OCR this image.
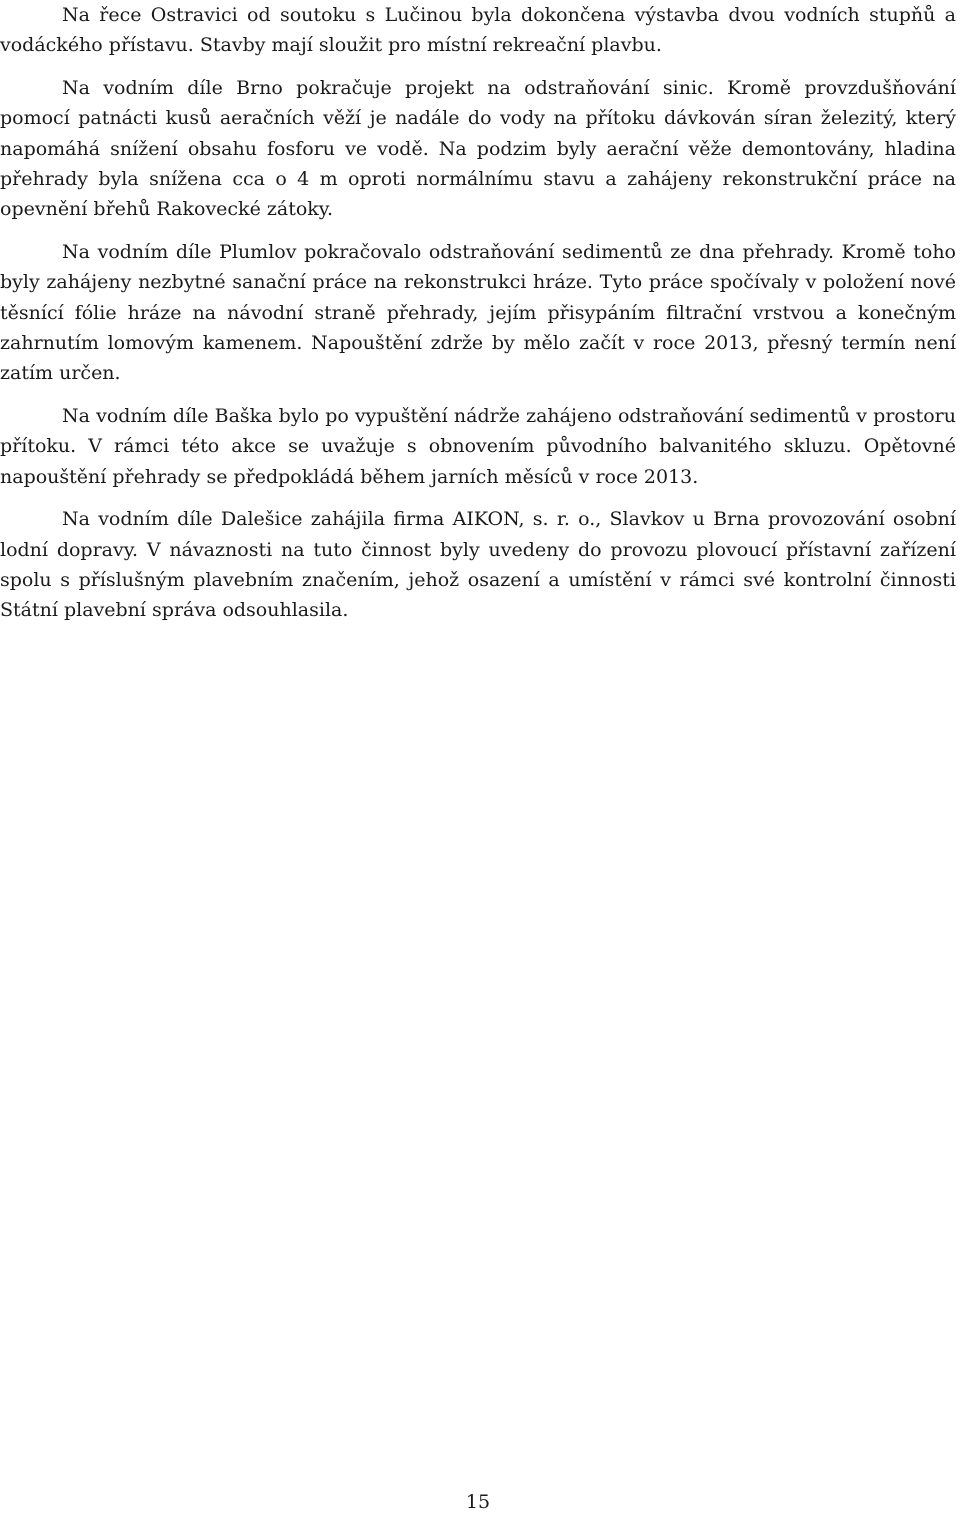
Na řece Ostravici od soutoku s Lučinou byla dokončena výstavba dvou vodních stupňů a vodáckého přístavu. Stavby mají sloužit pro místní rekreační plavbu.

Na vodním díle Brno pokračuje projekt na odstraňování sinic. Kromě provzdušňování pomocí patnácti kusů aeračních věží je nadále do vody na přítoku dávkován síran železitý, který napomáhá snížení obsahu fosforu ve vodě. Na podzim byly aerační věže demontovány, hladina přehrady byla snížena cca o 4 m oproti normálnímu stavu a zahájeny rekonstrukční práce na opevnění břehů Rakovecké zátoky.

Na vodním díle Plumlov pokračovalo odstraňování sedimentů ze dna přehrady. Kromě toho byly zahájeny nezbytné sanační práce na rekonstrukci hráze. Tyto práce spočívaly v položení nové těsnící fólie hráze na návodní straně přehrady, jejím přisypáním filtrační vrstvou a konečným zahrnutím lomovým kamenem. Napouštění zdrže by mělo začít v roce 2013, přesný termín není zatím určen.

Na vodním díle Baška bylo po vypuštění nádrže zahájeno odstraňování sedimentů v prostoru přítoku. V rámci této akce se uvažuje s obnovením původního balvanitého skluzu. Opětovné napouštění přehrady se předpokládá během jarních měsíců v roce 2013.

Na vodním díle Dalešice zahájila firma AIKON, s. r. o., Slavkov u Brna provozování osobní lodní dopravy. V návaznosti na tuto činnost byly uvedeny do provozu plovoucí přístavní zařízení spolu s příslušným plavebním značením, jehož osazení a umístění v rámci své kontrolní činnosti Státní plavební správa odsouhlasila.

15
